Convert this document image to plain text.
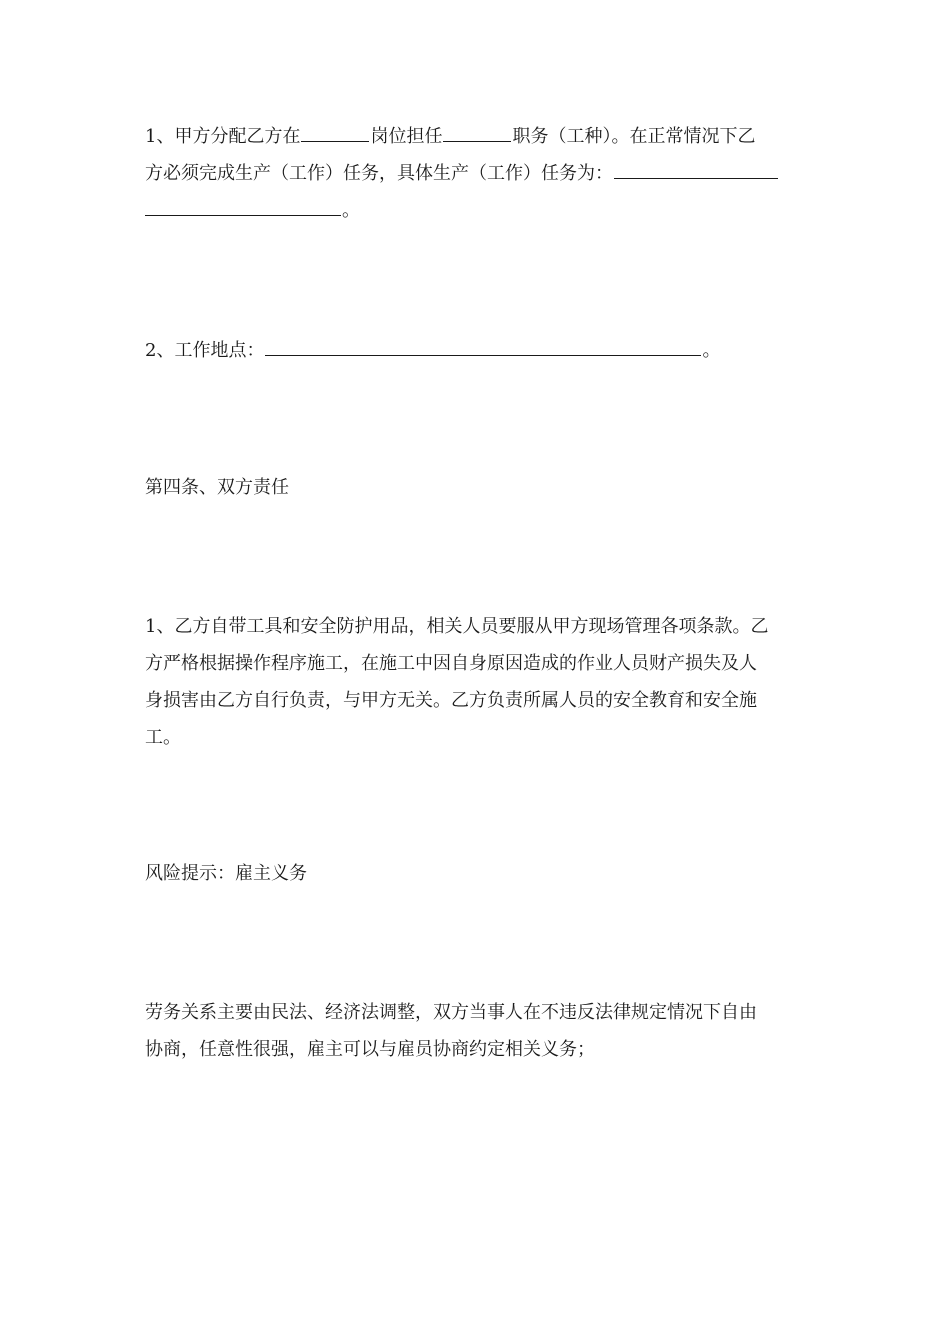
1、甲方分配乙方在	岗位担任	职务（工种）。在正常情况下乙
方必须完成生产（工作）任务，具体生产（工作）任务为：
。

2、工作地点：	。

第四条、双方责任

1、乙方自带工具和安全防护用品，相关人员要服从甲方现场管理各项条款。乙
方严格根据操作程序施工，在施工中因自身原因造成的作业人员财产损失及人
身损害由乙方自行负责，与甲方无关。乙方负责所属人员的安全教育和安全施
工。

风险提示：雇主义务

劳务关系主要由民法、经济法调整，双方当事人在不违反法律规定情况下自由
协商，任意性很强，雇主可以与雇员协商约定相关义务；
